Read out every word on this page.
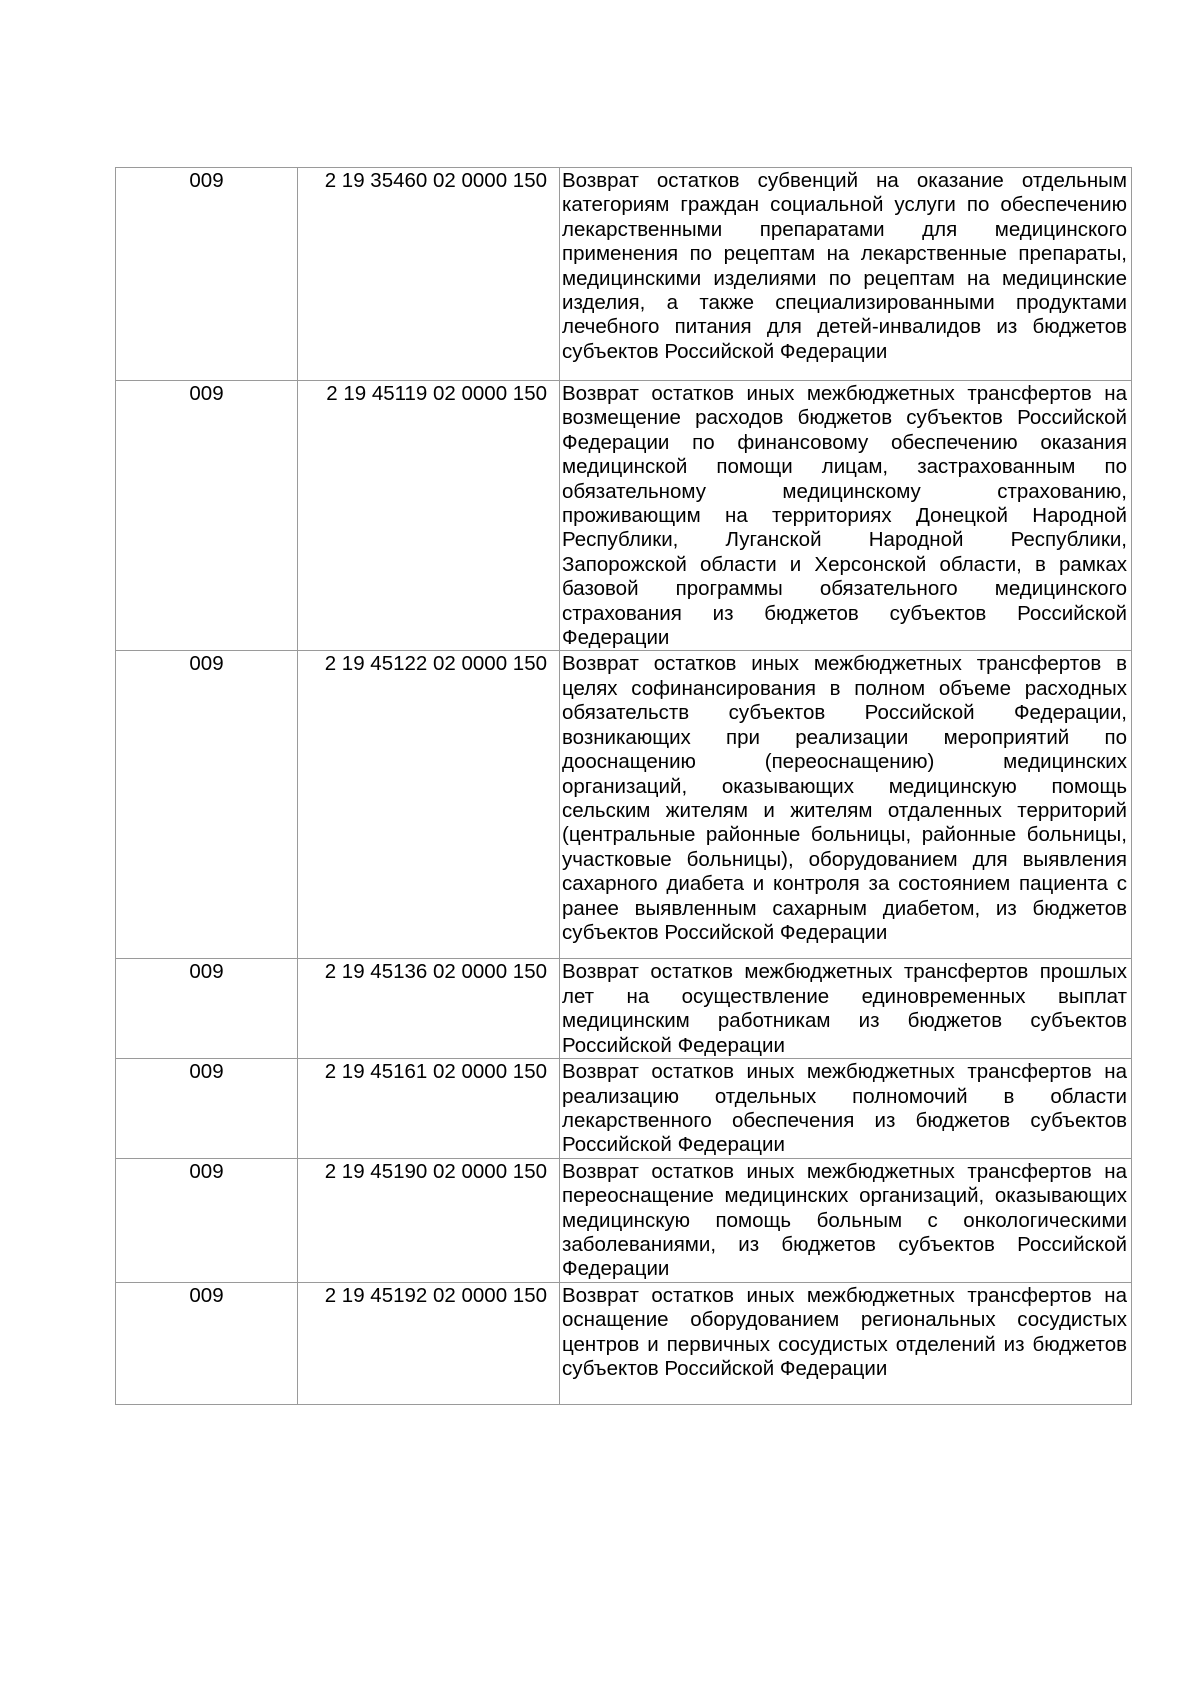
009	2 19 35460 02 0000 150	Возврат остатков субвенций на оказание отдельным категориям граждан социальной услуги по обеспечению лекарственными препаратами для медицинского применения по рецептам на лекарственные препараты, медицинскими изделиями по рецептам на медицинские изделия, а также специализированными продуктами лечебного питания для детей-инвалидов из бюджетов субъектов Российской Федерации

009	2 19 45119 02 0000 150	Возврат остатков иных межбюджетных трансфертов на возмещение расходов бюджетов субъектов Российской Федерации по финансовому обеспечению оказания медицинской помощи лицам, застрахованным по обязательному медицинскому страхованию, проживающим на территориях Донецкой Народной Республики, Луганской Народной Республики, Запорожской области и Херсонской области, в рамках базовой программы обязательного медицинского страхования из бюджетов субъектов Российской Федерации

009	2 19 45122 02 0000 150	Возврат остатков иных межбюджетных трансфертов в целях софинансирования в полном объеме расходных обязательств субъектов Российской Федерации, возникающих при реализации мероприятий по дооснащению (переоснащению) медицинских организаций, оказывающих медицинскую помощь сельским жителям и жителям отдаленных территорий (центральные районные больницы, районные больницы, участковые больницы), оборудованием для выявления сахарного диабета и контроля за состоянием пациента с ранее выявленным сахарным диабетом, из бюджетов субъектов Российской Федерации

009	2 19 45136 02 0000 150	Возврат остатков межбюджетных трансфертов прошлых лет на осуществление единовременных выплат медицинским работникам из бюджетов субъектов Российской Федерации

009	2 19 45161 02 0000 150	Возврат остатков иных межбюджетных трансфертов на реализацию отдельных полномочий в области лекарственного обеспечения из бюджетов субъектов Российской Федерации

009	2 19 45190 02 0000 150	Возврат остатков иных межбюджетных трансфертов на переоснащение медицинских организаций, оказывающих медицинскую помощь больным с онкологическими заболеваниями, из бюджетов субъектов Российской Федерации

009	2 19 45192 02 0000 150	Возврат остатков иных межбюджетных трансфертов на оснащение оборудованием региональных сосудистых центров и первичных сосудистых отделений из бюджетов субъектов Российской Федерации
